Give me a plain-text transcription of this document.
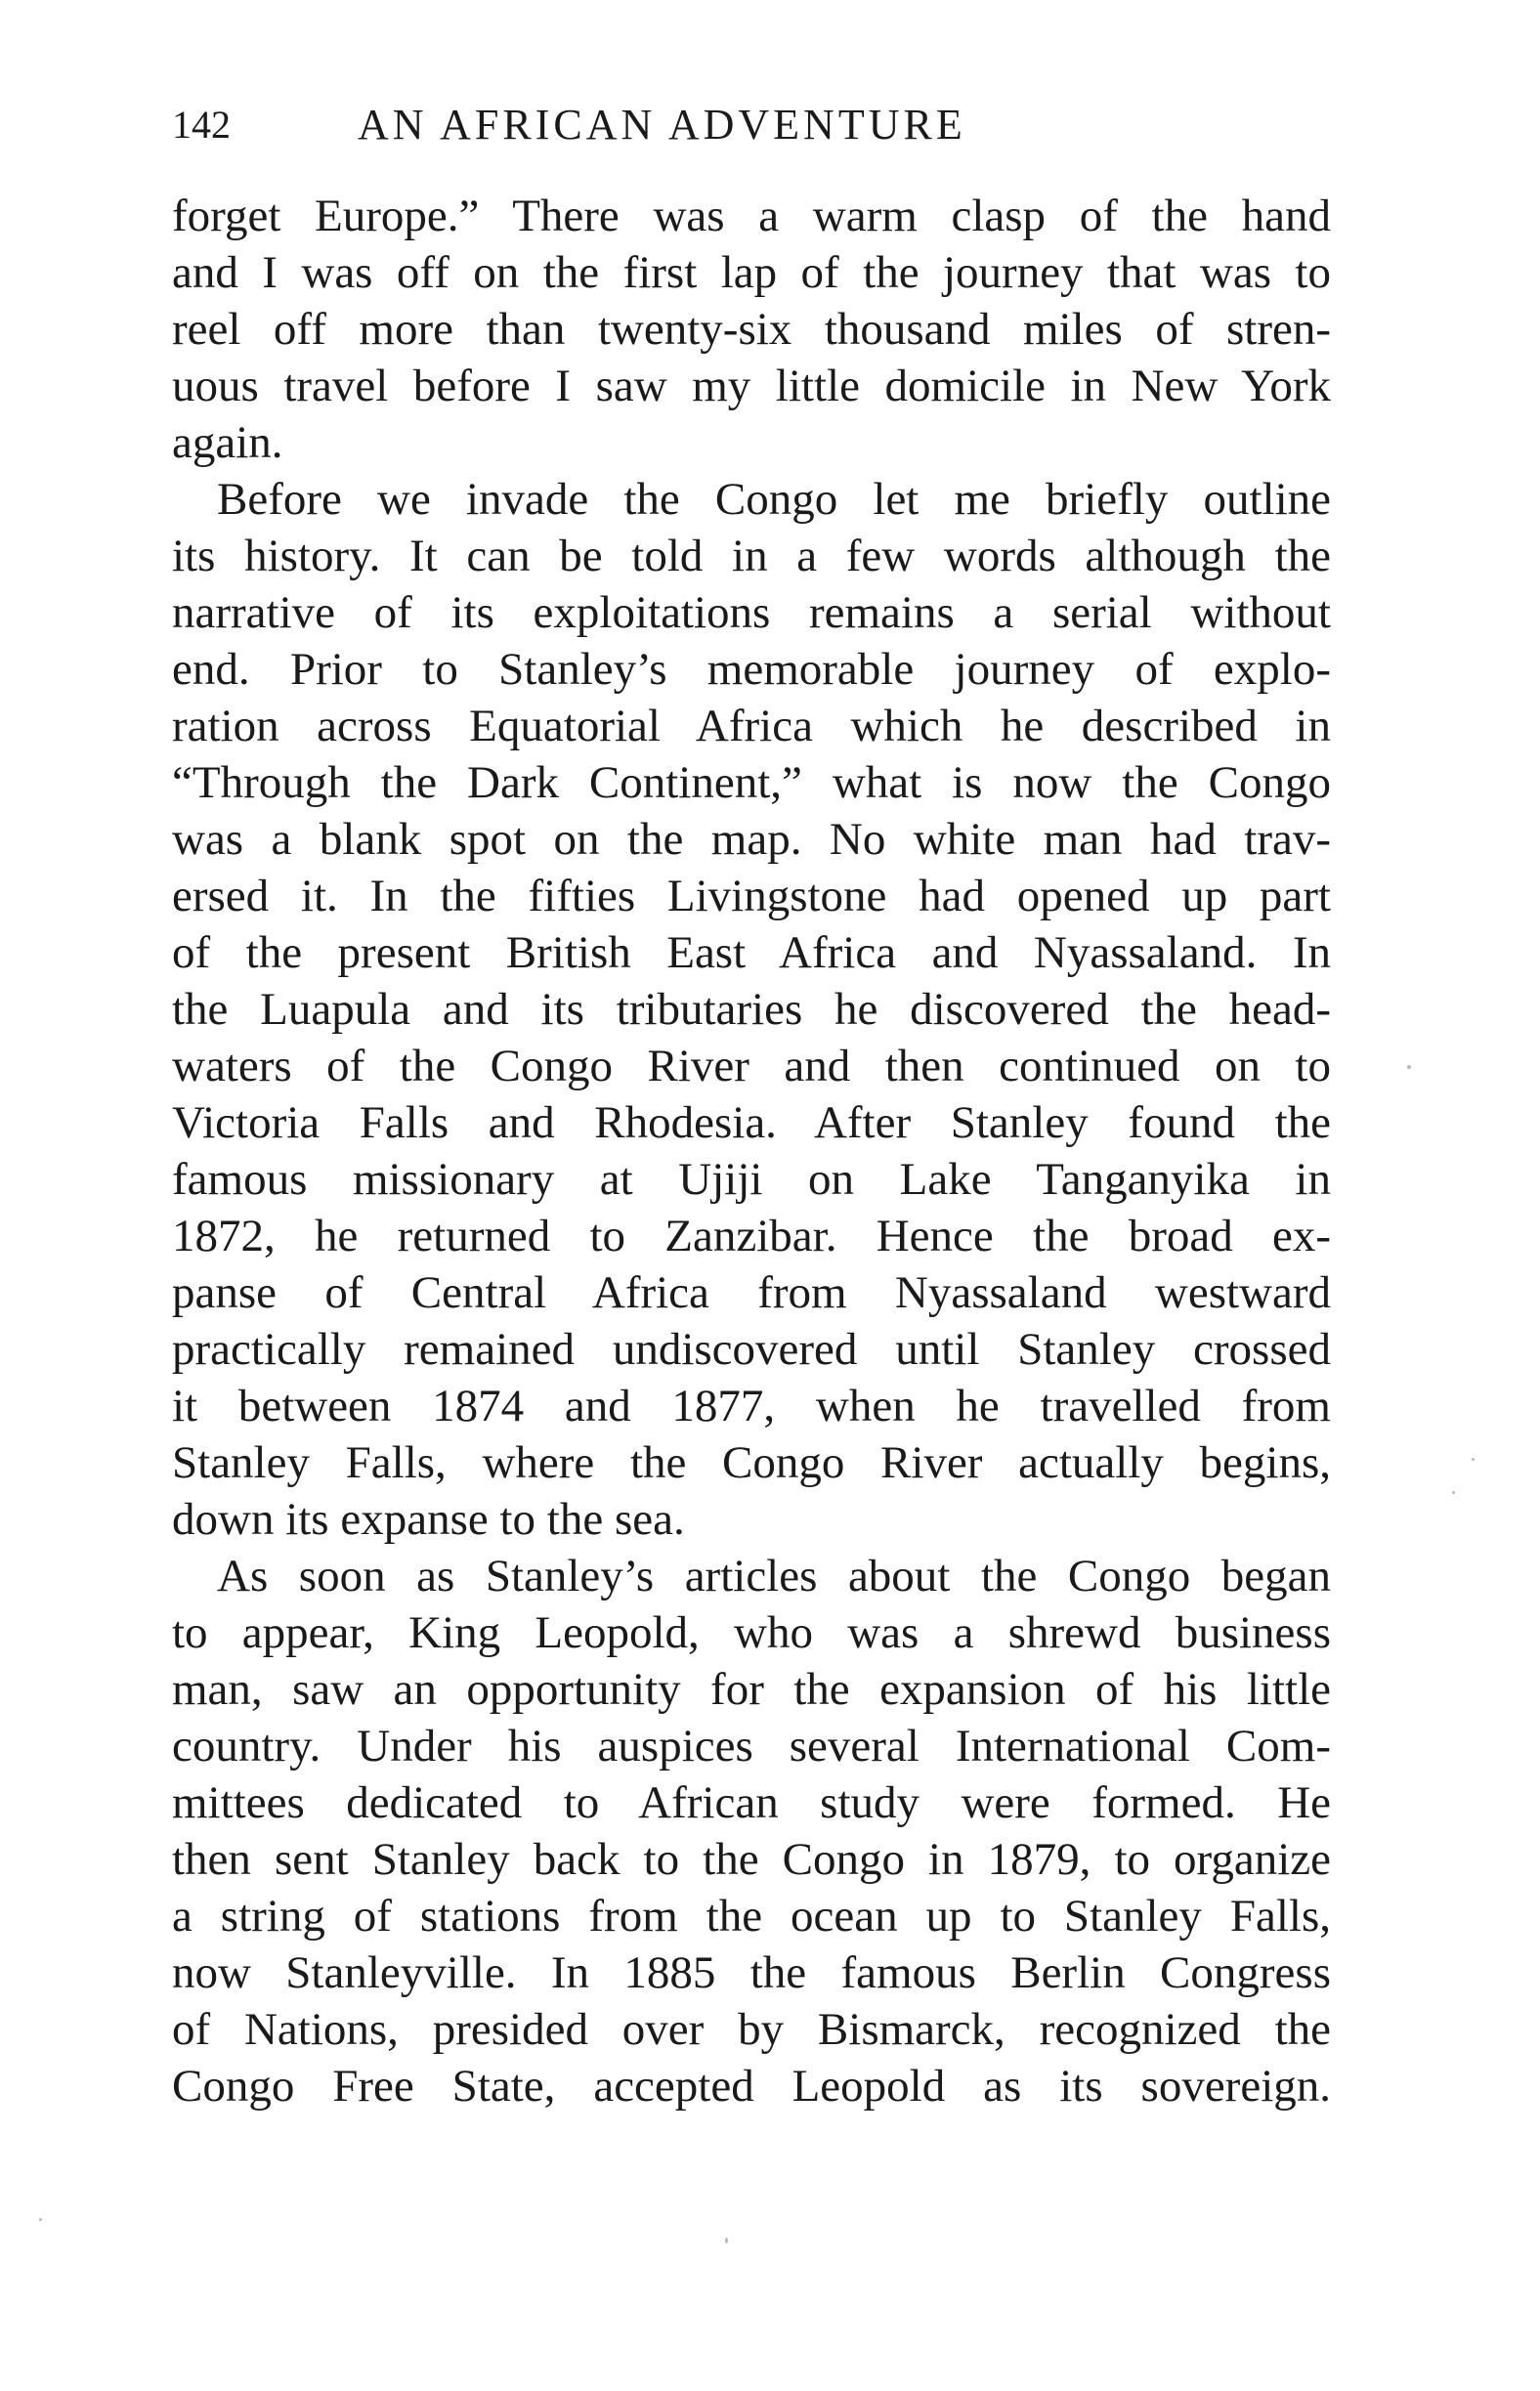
142	AN AFRICAN ADVENTURE
forget Europe.” There was a warm clasp of the hand
and I was off on the first lap of the journey that was to
reel off more than twenty-six thousand miles of stren-
uous travel before I saw my little domicile in New York
again.
Before we invade the Congo let me briefly outline
its history. It can be told in a few words although the
narrative of its exploitations remains a serial without
end. Prior to Stanley’s memorable journey of explo-
ration across Equatorial Africa which he described in
“Through the Dark Continent,” what is now the Congo
was a blank spot on the map. No white man had trav-
ersed it. In the fifties Livingstone had opened up part
of the present British East Africa and Nyassaland. In
the Luapula and its tributaries he discovered the head-
waters of the Congo River and then continued on to
Victoria Falls and Rhodesia. After Stanley found the
famous missionary at Ujiji on Lake Tanganyika in
1872, he returned to Zanzibar. Hence the broad ex-
panse of Central Africa from Nyassaland westward
practically remained undiscovered until Stanley crossed
it between 1874 and 1877, when he travelled from
Stanley Falls, where the Congo River actually begins,
down its expanse to the sea.
As soon as Stanley’s articles about the Congo began
to appear, King Leopold, who was a shrewd business
man, saw an opportunity for the expansion of his little
country. Under his auspices several International Com-
mittees dedicated to African study were formed. He
then sent Stanley back to the Congo in 1879, to organize
a string of stations from the ocean up to Stanley Falls,
now Stanleyville. In 1885 the famous Berlin Congress
of Nations, presided over by Bismarck, recognized the
Congo Free State, accepted Leopold as its sovereign.
